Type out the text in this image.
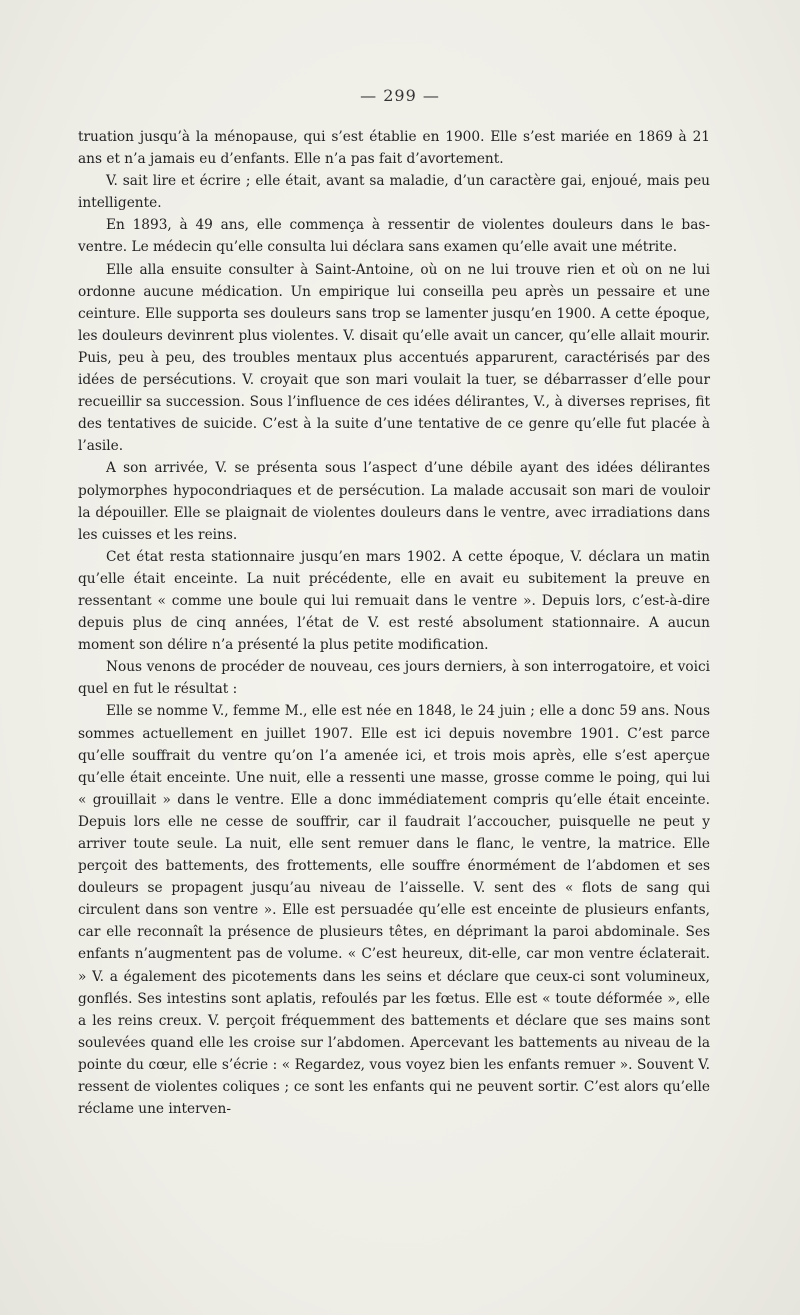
— 299 —

truation jusqu’à la ménopause, qui s’est établie en 1900. Elle s’est mariée en 1869 à 21 ans et n’a jamais eu d’enfants. Elle n’a pas fait d’avortement.

V. sait lire et écrire ; elle était, avant sa maladie, d’un caractère gai, enjoué, mais peu intelligente.

En 1893, à 49 ans, elle commença à ressentir de violentes douleurs dans le bas-ventre. Le médecin qu’elle consulta lui déclara sans examen qu’elle avait une métrite.

Elle alla ensuite consulter à Saint-Antoine, où on ne lui trouve rien et où on ne lui ordonne aucune médication. Un empirique lui conseilla peu après un pessaire et une ceinture. Elle supporta ses douleurs sans trop se lamenter jusqu’en 1900. A cette époque, les douleurs devinrent plus violentes. V. disait qu’elle avait un cancer, qu’elle allait mourir. Puis, peu à peu, des troubles mentaux plus accentués apparurent, caractérisés par des idées de persécutions. V. croyait que son mari voulait la tuer, se débarrasser d’elle pour recueillir sa succession. Sous l’influence de ces idées délirantes, V., à diverses reprises, fit des tentatives de suicide. C’est à la suite d’une tentative de ce genre qu’elle fut placée à l’asile.

A son arrivée, V. se présenta sous l’aspect d’une débile ayant des idées délirantes polymorphes hypocondriaques et de persécution. La malade accusait son mari de vouloir la dépouiller. Elle se plaignait de violentes douleurs dans le ventre, avec irradiations dans les cuisses et les reins.

Cet état resta stationnaire jusqu’en mars 1902. A cette époque, V. déclara un matin qu’elle était enceinte. La nuit précédente, elle en avait eu subitement la preuve en ressentant « comme une boule qui lui remuait dans le ventre ». Depuis lors, c’est-à-dire depuis plus de cinq années, l’état de V. est resté absolument stationnaire. A aucun moment son délire n’a présenté la plus petite modification.

Nous venons de procéder de nouveau, ces jours derniers, à son interrogatoire, et voici quel en fut le résultat :

Elle se nomme V., femme M., elle est née en 1848, le 24 juin ; elle a donc 59 ans. Nous sommes actuellement en juillet 1907. Elle est ici depuis novembre 1901. C’est parce qu’elle souffrait du ventre qu’on l’a amenée ici, et trois mois après, elle s’est aperçue qu’elle était enceinte. Une nuit, elle a ressenti une masse, grosse comme le poing, qui lui « grouillait » dans le ventre. Elle a donc immédiatement compris qu’elle était enceinte. Depuis lors elle ne cesse de souffrir, car il faudrait l’accoucher, puisquelle ne peut y arriver toute seule. La nuit, elle sent remuer dans le flanc, le ventre, la matrice. Elle perçoit des battements, des frottements, elle souffre énormément de l’abdomen et ses douleurs se propagent jusqu’au niveau de l’aisselle. V. sent des « flots de sang qui circulent dans son ventre ». Elle est persuadée qu’elle est enceinte de plusieurs enfants, car elle reconnaît la présence de plusieurs têtes, en déprimant la paroi abdominale. Ses enfants n’augmentent pas de volume. « C’est heureux, dit-elle, car mon ventre éclaterait. » V. a également des picotements dans les seins et déclare que ceux-ci sont volumineux, gonflés. Ses intestins sont aplatis, refoulés par les fœtus. Elle est « toute déformée », elle a les reins creux. V. perçoit fréquemment des battements et déclare que ses mains sont soulevées quand elle les croise sur l’abdomen. Apercevant les battements au niveau de la pointe du cœur, elle s’écrie : « Regardez, vous voyez bien les enfants remuer ». Souvent V. ressent de violentes coliques ; ce sont les enfants qui ne peuvent sortir. C’est alors qu’elle réclame une interven-
